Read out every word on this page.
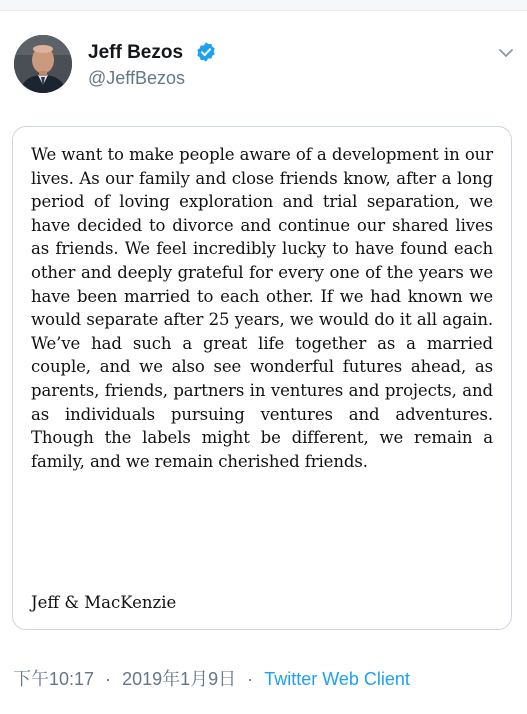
Jeff Bezos
@JeffBezos
We want to make people aware of a development in our lives. As our family and close friends know, after a long period of loving exploration and trial separation, we have decided to divorce and continue our shared lives as friends. We feel incredibly lucky to have found each other and deeply grateful for every one of the years we have been married to each other. If we had known we would separate after 25 years, we would do it all again. We’ve had such a great life together as a married couple, and we also see wonderful futures ahead, as parents, friends, partners in ventures and projects, and as individuals pursuing ventures and adventures. Though the labels might be different, we remain a family, and we remain cherished friends.
Jeff & MacKenzie
下午10:17 · 2019年1月9日 · Twitter Web Client
